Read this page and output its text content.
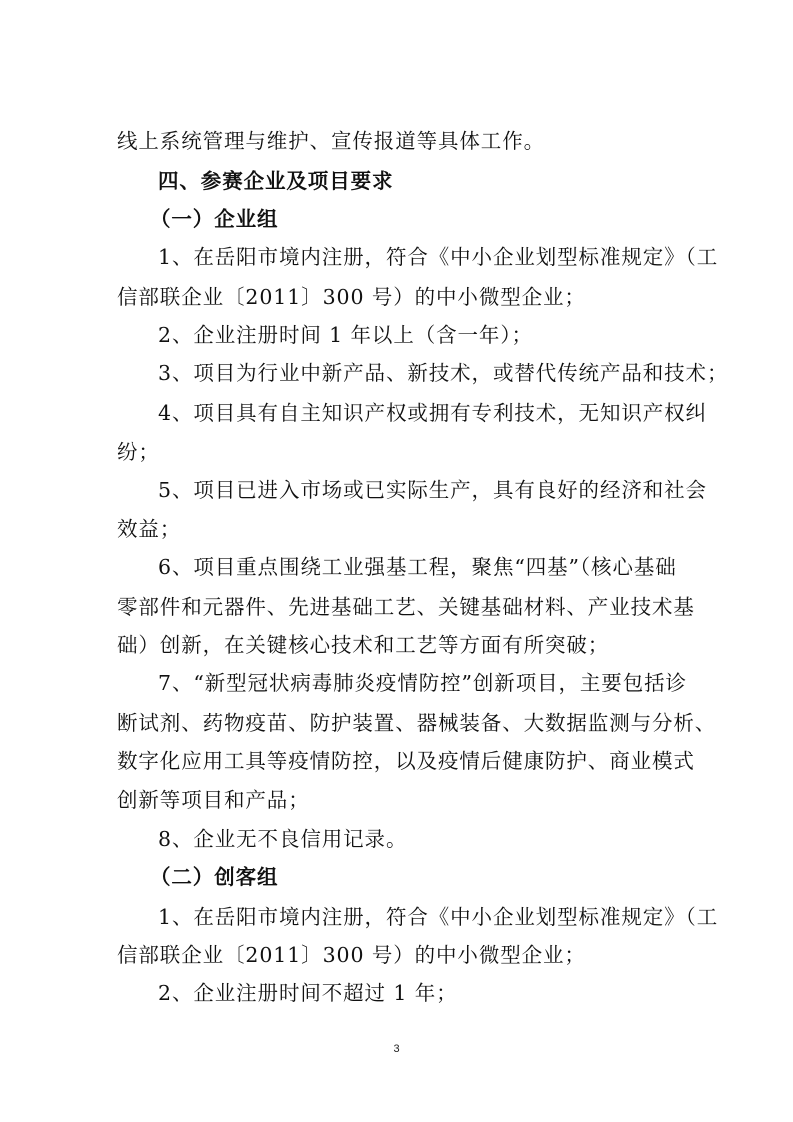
线上系统管理与维护、宣传报道等具体工作。
四、参赛企业及项目要求
（一）企业组
1、在岳阳市境内注册，符合《中小企业划型标准规定》（工
信部联企业〔2011〕300 号）的中小微型企业；
2、企业注册时间 1 年以上（含一年）；
3、项目为行业中新产品、新技术，或替代传统产品和技术；
4、项目具有自主知识产权或拥有专利技术，无知识产权纠
纷；
5、项目已进入市场或已实际生产，具有良好的经济和社会
效益；
6、项目重点围绕工业强基工程，聚焦“四基”（核心基础
零部件和元器件、先进基础工艺、关键基础材料、产业技术基
础）创新，在关键核心技术和工艺等方面有所突破；
7、“新型冠状病毒肺炎疫情防控”创新项目，主要包括诊
断试剂、药物疫苗、防护装置、器械装备、大数据监测与分析、
数字化应用工具等疫情防控，以及疫情后健康防护、商业模式
创新等项目和产品；
8、企业无不良信用记录。
（二）创客组
1、在岳阳市境内注册，符合《中小企业划型标准规定》（工
信部联企业〔2011〕300 号）的中小微型企业；
2、企业注册时间不超过 1 年；
3
